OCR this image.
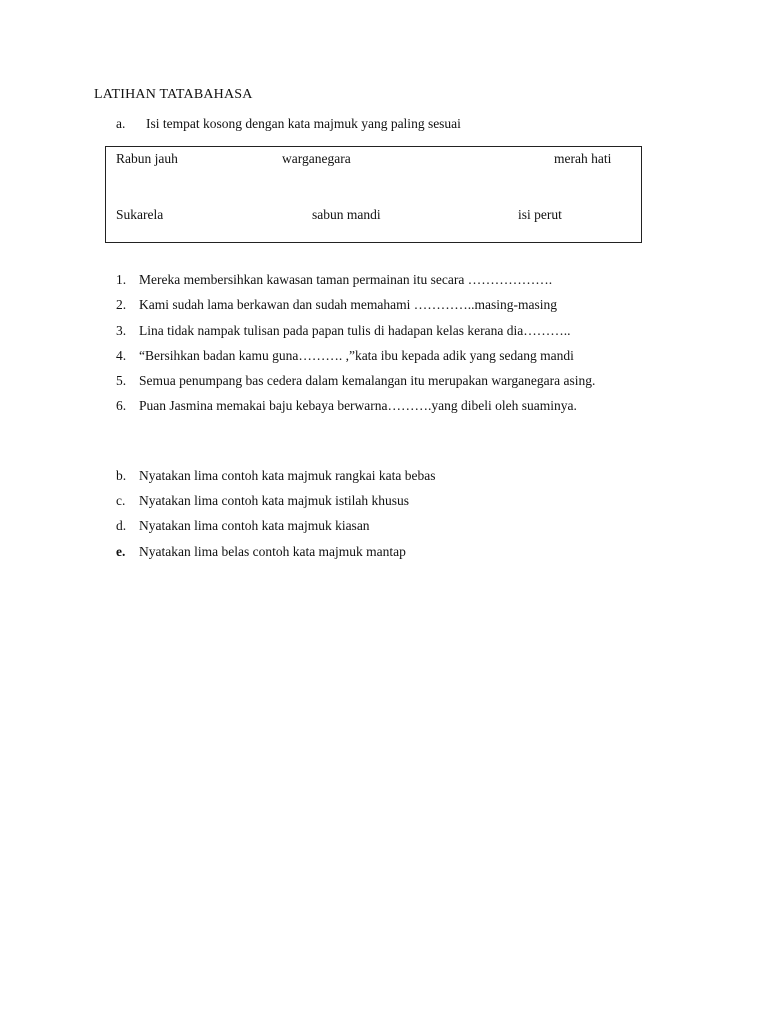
LATIHAN TATABAHASA
a. Isi tempat kosong dengan kata majmuk yang paling sesuai
Rabun jauh	warganegara	merah hati
Sukarela	sabun mandi	isi perut
1. Mereka membersihkan kawasan taman permainan itu secara ……………….
2. Kami sudah lama berkawan dan sudah memahami …………..masing-masing
3. Lina tidak nampak tulisan pada papan tulis di hadapan kelas kerana dia………..
4. “Bersihkan badan kamu guna………. ,”kata ibu kepada adik yang sedang mandi
5. Semua penumpang bas cedera dalam kemalangan itu merupakan warganegara asing.
6. Puan Jasmina memakai baju kebaya berwarna……….yang dibeli oleh suaminya.
b. Nyatakan lima contoh kata majmuk rangkai kata bebas
c. Nyatakan lima contoh kata majmuk istilah khusus
d. Nyatakan lima contoh kata majmuk kiasan
e. Nyatakan lima belas contoh kata majmuk mantap
